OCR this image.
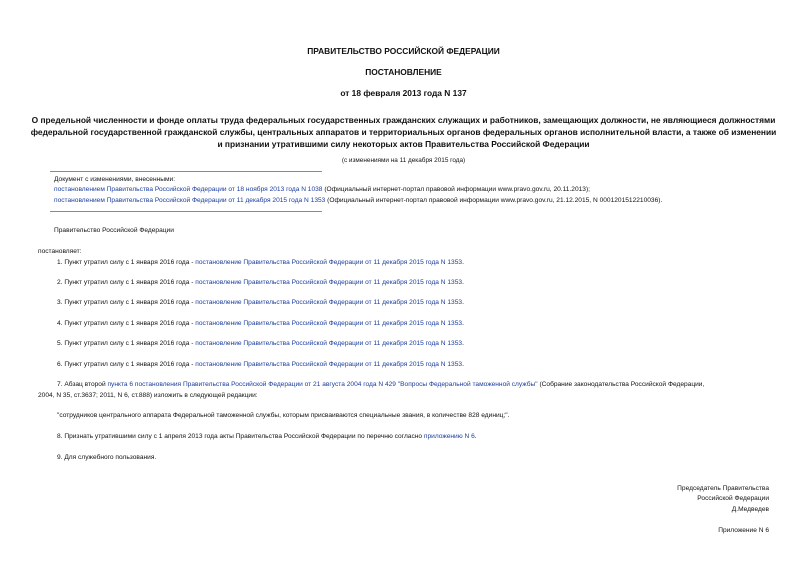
ПРАВИТЕЛЬСТВО РОССИЙСКОЙ ФЕДЕРАЦИИ
ПОСТАНОВЛЕНИЕ
от 18 февраля 2013 года N 137
О предельной численности и фонде оплаты труда федеральных государственных гражданских служащих и работников, замещающих должности, не являющиеся должностями федеральной государственной гражданской службы, центральных аппаратов и территориальных органов федеральных органов исполнительной власти, а также об изменении и признании утратившими силу некоторых актов Правительства Российской Федерации
(с изменениями на 11 декабря 2015 года)
Документ с изменениями, внесенными:
постановлением Правительства Российской Федерации от 18 ноября 2013 года N 1038 (Официальный интернет-портал правовой информации www.pravo.gov.ru, 20.11.2013);
постановлением Правительства Российской Федерации от 11 декабря 2015 года N 1353 (Официальный интернет-портал правовой информации www.pravo.gov.ru, 21.12.2015, N 0001201512210036).
Правительство Российской Федерации
постановляет:
1. Пункт утратил силу с 1 января 2016 года - постановление Правительства Российской Федерации от 11 декабря 2015 года N 1353.
2. Пункт утратил силу с 1 января 2016 года - постановление Правительства Российской Федерации от 11 декабря 2015 года N 1353.
3. Пункт утратил силу с 1 января 2016 года - постановление Правительства Российской Федерации от 11 декабря 2015 года N 1353.
4. Пункт утратил силу с 1 января 2016 года - постановление Правительства Российской Федерации от 11 декабря 2015 года N 1353.
5. Пункт утратил силу с 1 января 2016 года - постановление Правительства Российской Федерации от 11 декабря 2015 года N 1353.
6. Пункт утратил силу с 1 января 2016 года - постановление Правительства Российской Федерации от 11 декабря 2015 года N 1353.
7. Абзац второй пункта 6 постановления Правительства Российской Федерации от 21 августа 2004 года N 429 "Вопросы Федеральной таможенной службы" (Собрание законодательства Российской Федерации,
2004, N 35, ст.3637; 2011, N 6, ст.888) изложить в следующей редакции:
"сотрудников центрального аппарата Федеральной таможенной службы, которым присваиваются специальные звания, в количестве 828 единиц;".
8. Признать утратившими силу с 1 апреля 2013 года акты Правительства Российской Федерации по перечню согласно приложению N 6.
9. Для служебного пользования.
Председатель Правительства
Российской Федерации
Д.Медведев
Приложение N 6
